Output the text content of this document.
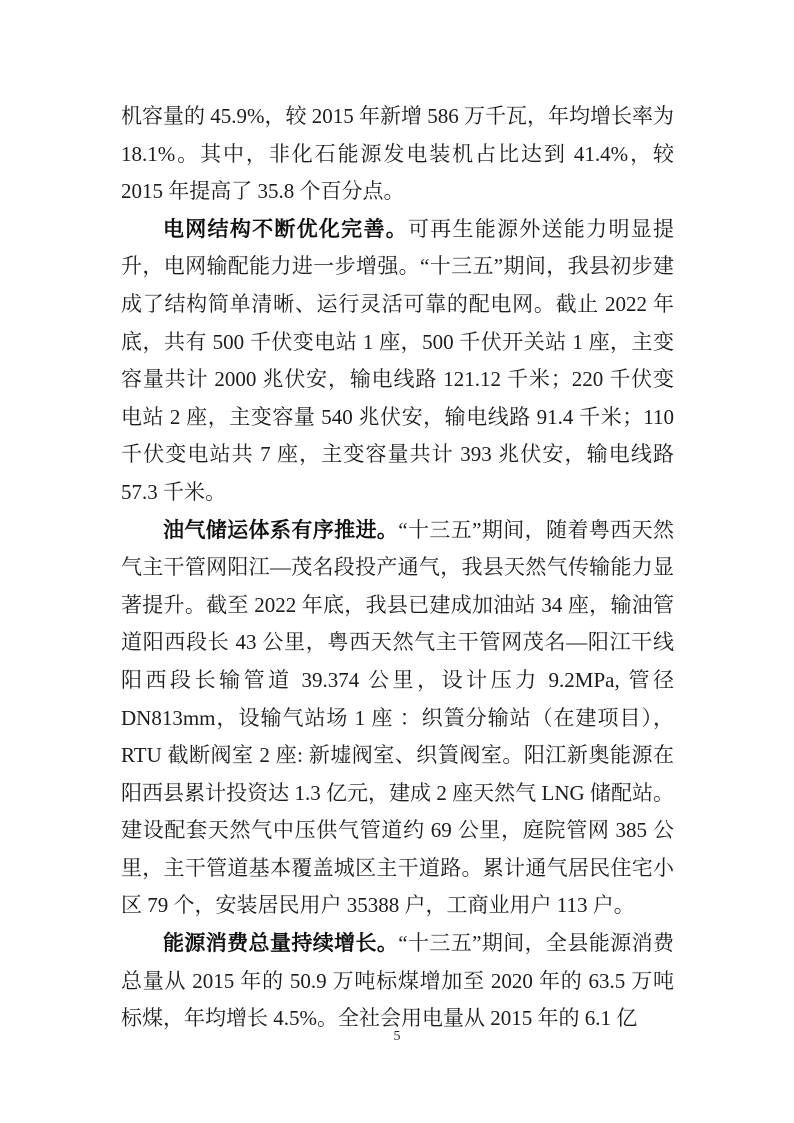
机容量的 45.9%，较 2015 年新增 586 万千瓦，年均增长率为 18.1%。其中，非化石能源发电装机占比达到 41.4%，较 2015 年提高了 35.8 个百分点。

电网结构不断优化完善。可再生能源外送能力明显提升，电网输配能力进一步增强。“十三五”期间，我县初步建成了结构简单清晰、运行灵活可靠的配电网。截止 2022 年底，共有 500 千伏变电站 1 座，500 千伏开关站 1 座，主变容量共计 2000 兆伏安，输电线路 121.12 千米；220 千伏变电站 2 座，主变容量 540 兆伏安，输电线路 91.4 千米；110 千伏变电站共 7 座，主变容量共计 393 兆伏安，输电线路 57.3 千米。

油气储运体系有序推进。“十三五”期间，随着粤西天然气主干管网阳江—茂名段投产通气，我县天然气传输能力显著提升。截至 2022 年底，我县已建成加油站 34 座，输油管道阳西段长 43 公里，粤西天然气主干管网茂名—阳江干线阳西段长输管道 39.374 公里，设计压力 9.2MPa, 管径 DN813mm，设输气站场 1 座 ：织篢分输站（在建项目），RTU 截断阀室 2 座: 新墟阀室、织篢阀室。阳江新奥能源在阳西县累计投资达 1.3 亿元，建成 2 座天然气 LNG 储配站。建设配套天然气中压供气管道约 69 公里，庭院管网 385 公里，主干管道基本覆盖城区主干道路。累计通气居民住宅小区 79 个，安装居民用户 35388 户，工商业用户 113 户。

能源消费总量持续增长。“十三五”期间，全县能源消费总量从 2015 年的 50.9 万吨标煤增加至 2020 年的 63.5 万吨标煤，年均增长 4.5%。全社会用电量从 2015 年的 6.1 亿

5
